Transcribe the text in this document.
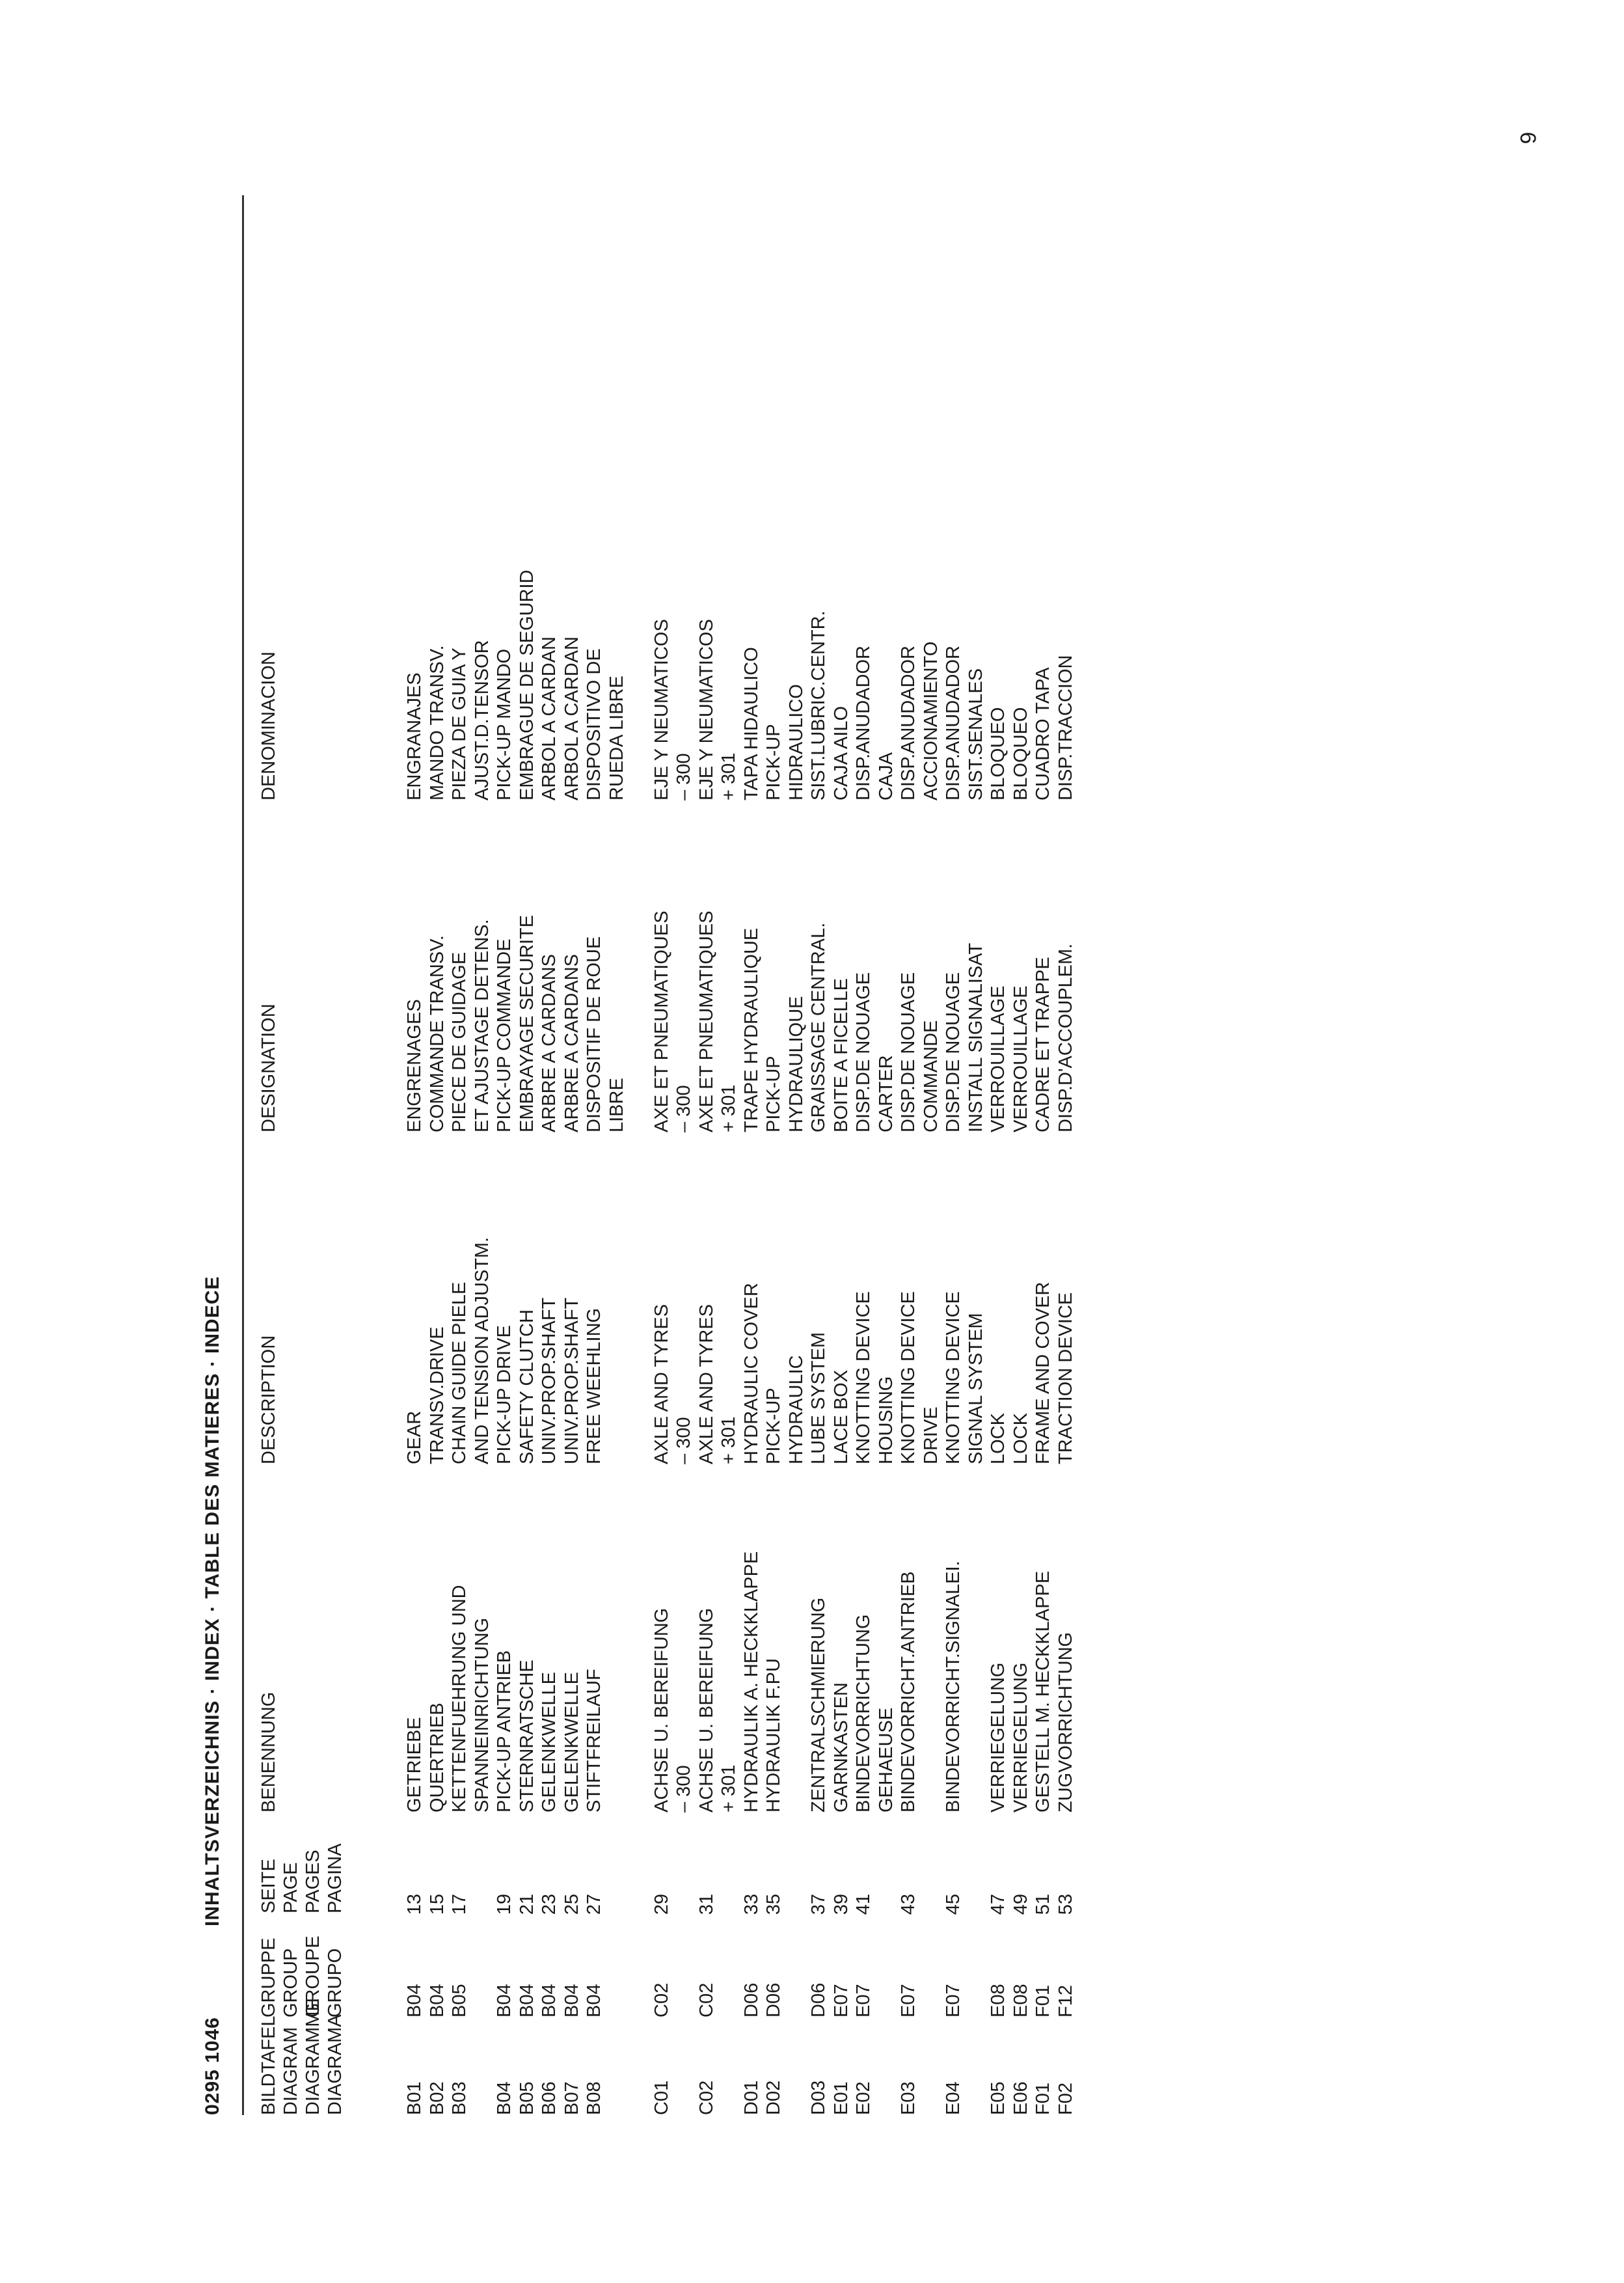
6
0295 1046
INHALTSVERZEICHNIS · INDEX · TABLE DES MATIERES · INDECE
BILDTAFEL DIAGRAM DIAGRAMME DIAGRAMA
GRUPPE GROUP GROUPE GRUPO
SEITE PAGE PAGES PAGINA
BENENNUNG
DESCRIPTION
DESIGNATION
DENOMINACION
B01
B04
13
GETRIEBE
GEAR
ENGRENAGES
ENGRANAJES
B02
B04
15
QUERTRIEB
TRANSV.DRIVE
COMMANDE TRANSV.
MANDO TRANSV.
B03
B05
17
KETTENFUEHRUNG UND SPANNEINRICHTUNG
CHAIN GUIDE PIELE AND TENSION ADJUSTM.
PIECE DE GUIDAGE ET AJUSTAGE DETENS.
PIEZA DE GUIA Y AJUST.D.TENSOR
B04
B04
19
PICK-UP ANTRIEB
PICK-UP DRIVE
PICK-UP COMMANDE
PICK-UP MANDO
B05
B04
21
STERNRATSCHE
SAFETY CLUTCH
EMBRAYAGE SECURITE
EMBRAGUE DE SEGURID
B06
B04
23
GELENKWELLE
UNIV.PROP.SHAFT
ARBRE A CARDANS
ARBOL A CARDAN
B07
B04
25
GELENKWELLE
UNIV.PROP.SHAFT
ARBRE A CARDANS
ARBOL A CARDAN
B08
B04
27
STIFTFREILAUF
FREE WEEHLING
DISPOSITIF DE ROUE LIBRE
DISPOSITIVO DE RUEDA LIBRE
C01
C02
29
ACHSE U. BEREIFUNG – 300
AXLE AND TYRES – 300
AXE ET PNEUMATIQUES – 300
EJE Y NEUMATICOS – 300
C02
C02
31
ACHSE U. BEREIFUNG + 301
AXLE AND TYRES + 301
AXE ET PNEUMATIQUES + 301
EJE Y NEUMATICOS + 301
D01
D06
33
HYDRAULIK A. HECKKLAPPE
HYDRAULIC COVER
TRAPE HYDRAULIQUE
TAPA HIDAULICO
D02
D06
35
HYDRAULIK F.PU
PICK-UP HYDRAULIC
PICK-UP HYDRAULIQUE
PICK-UP HIDRAULICO
D03
D06
37
ZENTRALSCHMIERUNG
LUBE SYSTEM
GRAISSAGE CENTRAL.
SIST.LUBRIC.CENTR.
E01
E07
39
GARNKASTEN
LACE BOX
BOITE A FICELLE
CAJA AILO
E02
E07
41
BINDEVORRICHTUNG GEHAEUSE
KNOTTING DEVICE HOUSING
DISP.DE NOUAGE CARTER
DISP.ANUDADOR CAJA
E03
E07
43
BINDEVORRICHT.ANTRIEB
KNOTTING DEVICE DRIVE
DISP.DE NOUAGE COMMANDE
DISP.ANUDADOR ACCIONAMIENTO
E04
E07
45
BINDEVORRICHT.SIGNALEI.
KNOTTING DEVICE SIGNAL SYSTEM
DISP.DE NOUAGE INSTALL SIGNALISAT
DISP.ANUDADOR SIST.SENALES
E05
E08
47
VERRIEGELUNG
LOCK
VERROUILLAGE
BLOQUEO
E06
E08
49
VERRIEGELUNG
LOCK
VERROUILLAGE
BLOQUEO
F01
F01
51
GESTELL M. HECKKLAPPE
FRAME AND COVER
CADRE ET TRAPPE
CUADRO TAPA
F02
F12
53
ZUGVORRICHTUNG
TRACTION DEVICE
DISP.D'ACCOUPLEM.
DISP.TRACCION
